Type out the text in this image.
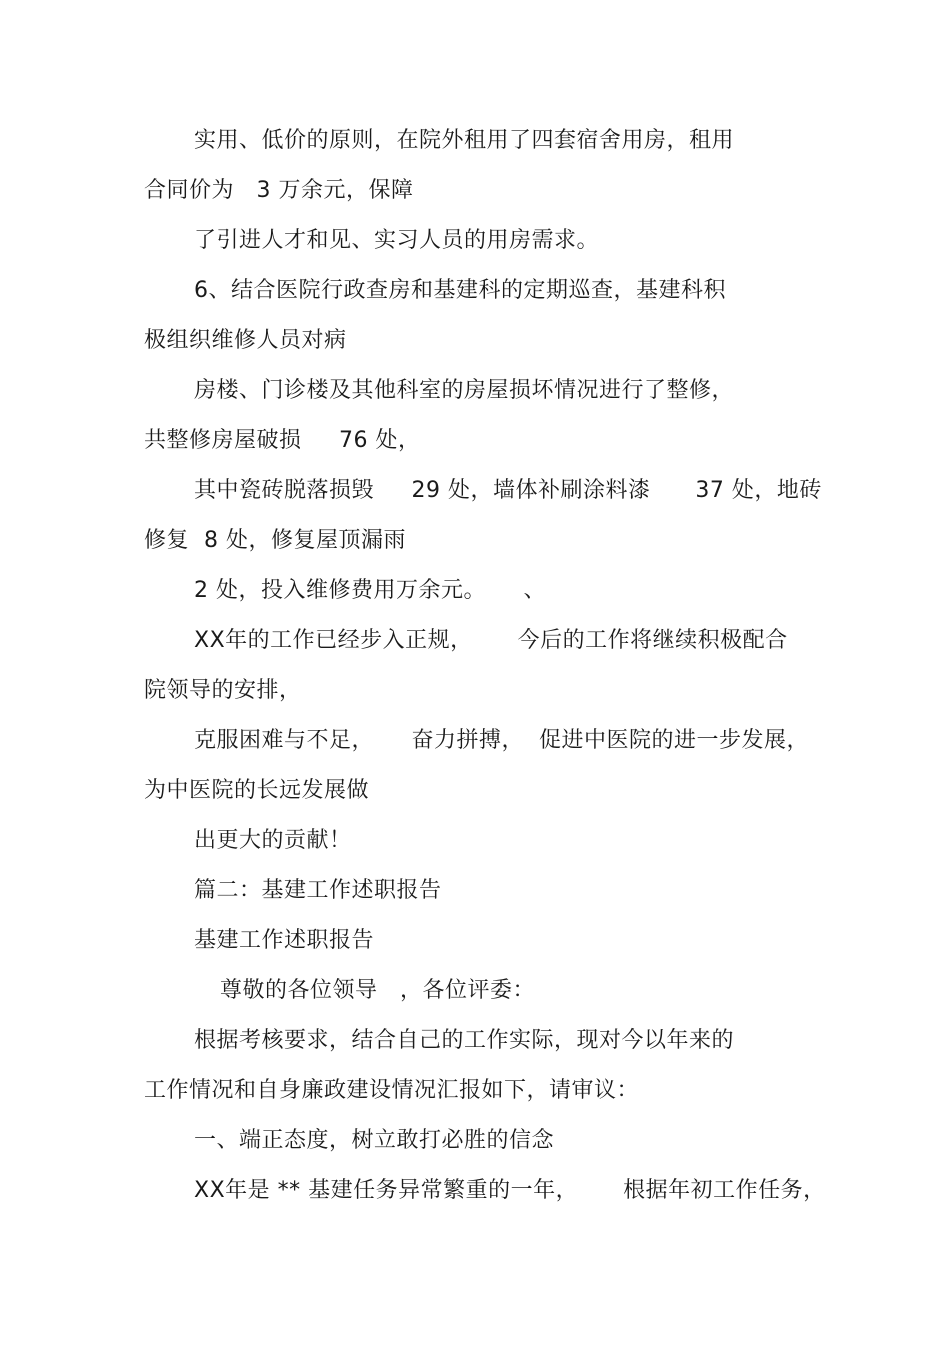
实用、低价的原则，在院外租用了四套宿舍用房，租用
合同价为   3 万余元，保障
了引进人才和见、实习人员的用房需求。
6、结合医院行政查房和基建科的定期巡查，基建科积
极组织维修人员对病
房楼、门诊楼及其他科室的房屋损坏情况进行了整修，
共整修房屋破损     76 处，
其中瓷砖脱落损毁     29 处，墙体补刷涂料漆      37 处，地砖
修复  8 处，修复屋顶漏雨
2 处，投入维修费用万余元。     、
XX年的工作已经步入正规，      今后的工作将继续积极配合
院领导的安排，
克服困难与不足，     奋力拼搏，  促进中医院的进一步发展，
为中医院的长远发展做
出更大的贡献！
篇二：基建工作述职报告
基建工作述职报告
尊敬的各位领导   ，各位评委：
根据考核要求，结合自己的工作实际，现对今以年来的
工作情况和自身廉政建设情况汇报如下，请审议：
一、端正态度，树立敢打必胜的信念
XX年是 ** 基建任务异常繁重的一年，      根据年初工作任务，
